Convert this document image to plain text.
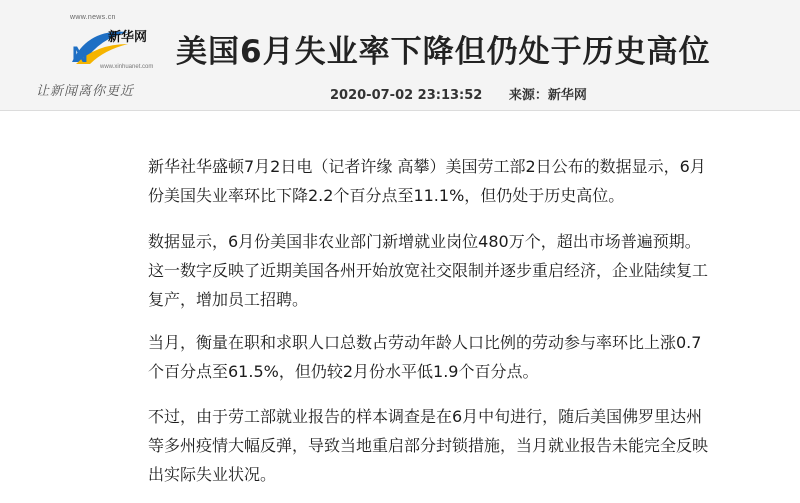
www.news.cn
N
新华网
www.xinhuanet.com
让新闻离你更近
美国6月失业率下降但仍处于历史高位
2020-07-02 23:13:52 来源：新华网
新华社华盛顿7月2日电（记者许缘 高攀）美国劳工部2日公布的数据显示，6月份美国失业率环比下降2.2个百分点至11.1%，但仍处于历史高位。
数据显示，6月份美国非农业部门新增就业岗位480万个，超出市场普遍预期。这一数字反映了近期美国各州开始放宽社交限制并逐步重启经济，企业陆续复工复产，增加员工招聘。
当月，衡量在职和求职人口总数占劳动年龄人口比例的劳动参与率环比上涨0.7个百分点至61.5%，但仍较2月份水平低1.9个百分点。
不过，由于劳工部就业报告的样本调查是在6月中旬进行，随后美国佛罗里达州等多州疫情大幅反弹，导致当地重启部分封锁措施，当月就业报告未能完全反映出实际失业状况。
